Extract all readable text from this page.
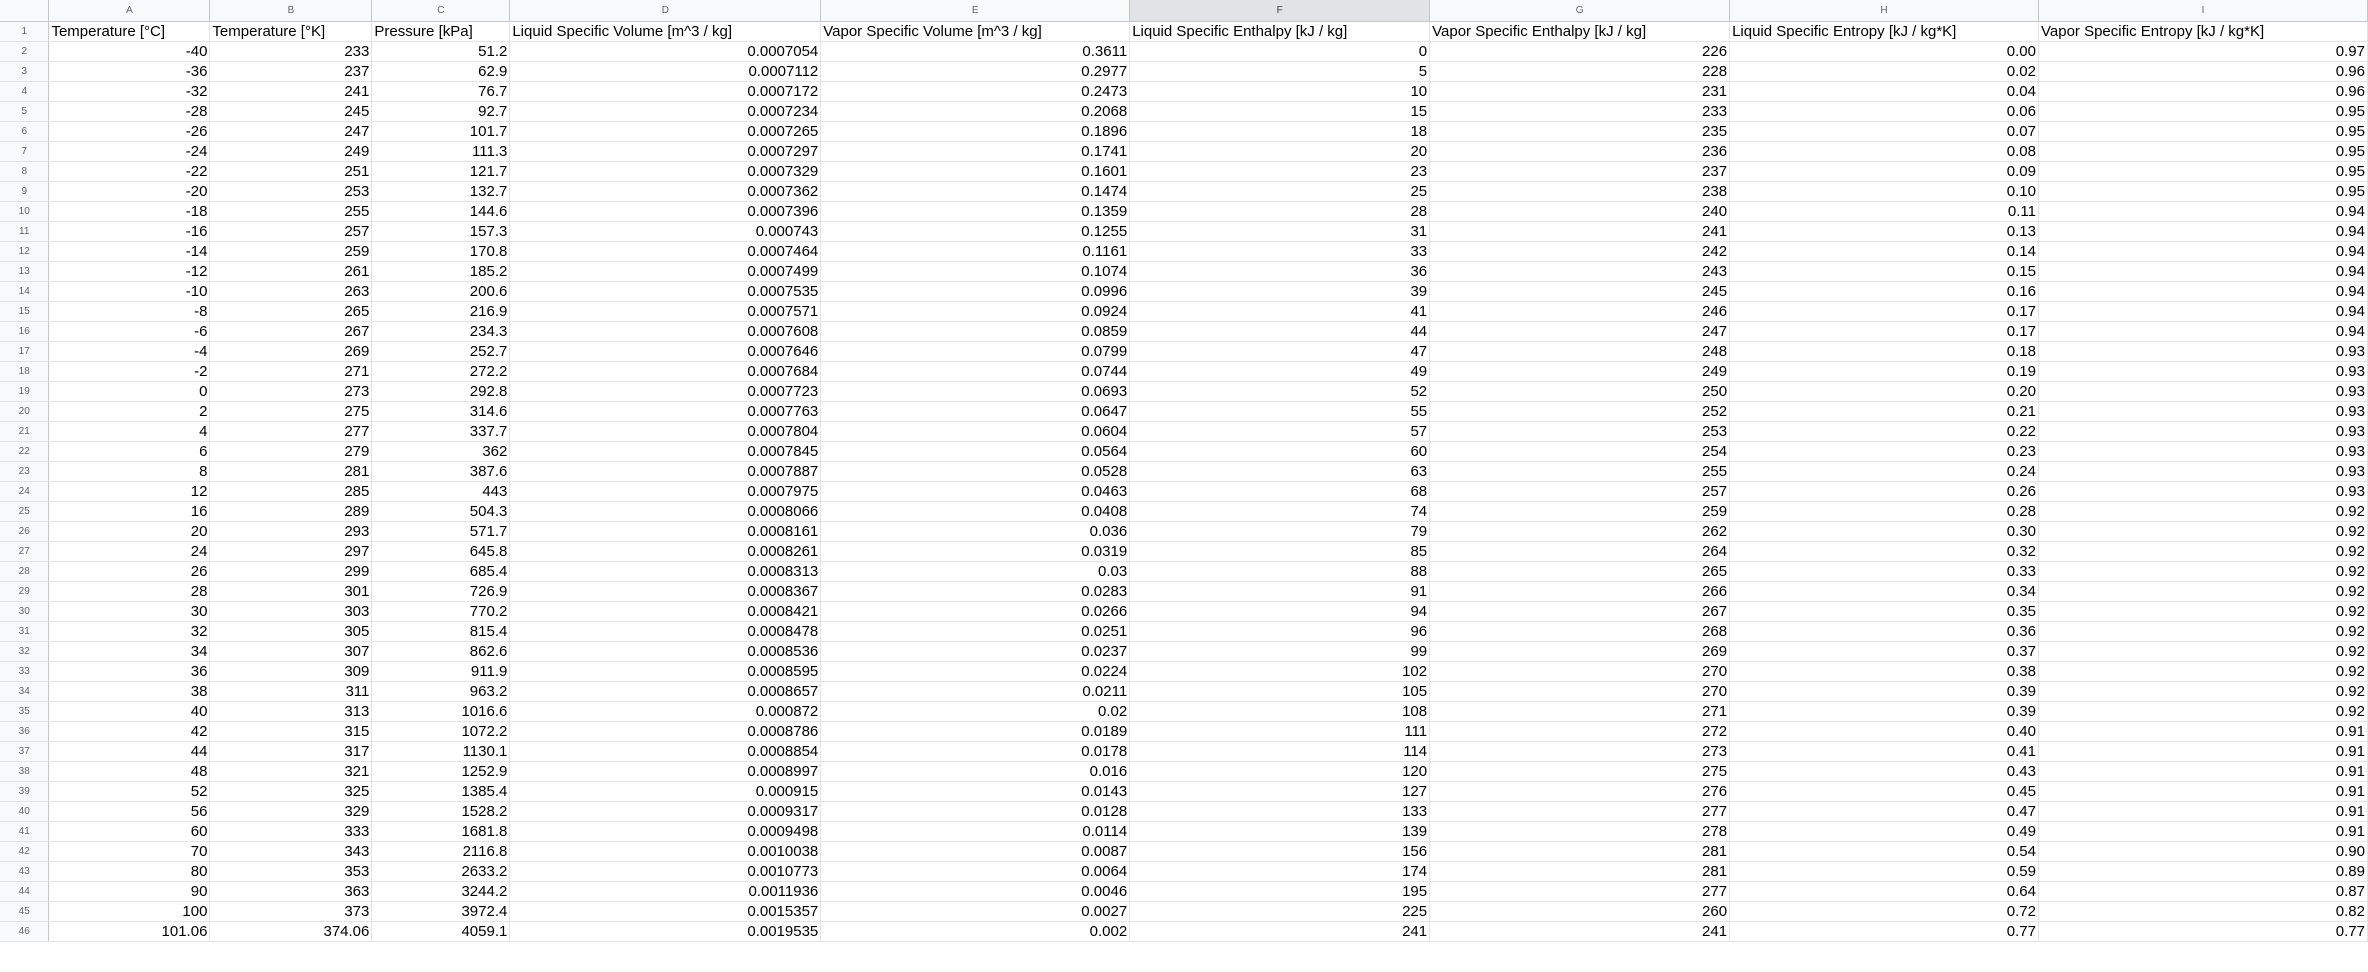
	A	B	C	D	E	F	G	H	I
1	Temperature [°C]	Temperature [°K]	Pressure [kPa]	Liquid Specific Volume [m^3 / kg]	Vapor Specific Volume [m^3 / kg]	Liquid Specific Enthalpy [kJ / kg]	Vapor Specific Enthalpy [kJ / kg]	Liquid Specific Entropy [kJ / kg*K]	Vapor Specific Entropy [kJ / kg*K]
2	-40	233	51.2	0.0007054	0.3611	0	226	0.00	0.97
3	-36	237	62.9	0.0007112	0.2977	5	228	0.02	0.96
4	-32	241	76.7	0.0007172	0.2473	10	231	0.04	0.96
5	-28	245	92.7	0.0007234	0.2068	15	233	0.06	0.95
6	-26	247	101.7	0.0007265	0.1896	18	235	0.07	0.95
7	-24	249	111.3	0.0007297	0.1741	20	236	0.08	0.95
8	-22	251	121.7	0.0007329	0.1601	23	237	0.09	0.95
9	-20	253	132.7	0.0007362	0.1474	25	238	0.10	0.95
10	-18	255	144.6	0.0007396	0.1359	28	240	0.11	0.94
11	-16	257	157.3	0.000743	0.1255	31	241	0.13	0.94
12	-14	259	170.8	0.0007464	0.1161	33	242	0.14	0.94
13	-12	261	185.2	0.0007499	0.1074	36	243	0.15	0.94
14	-10	263	200.6	0.0007535	0.0996	39	245	0.16	0.94
15	-8	265	216.9	0.0007571	0.0924	41	246	0.17	0.94
16	-6	267	234.3	0.0007608	0.0859	44	247	0.17	0.94
17	-4	269	252.7	0.0007646	0.0799	47	248	0.18	0.93
18	-2	271	272.2	0.0007684	0.0744	49	249	0.19	0.93
19	0	273	292.8	0.0007723	0.0693	52	250	0.20	0.93
20	2	275	314.6	0.0007763	0.0647	55	252	0.21	0.93
21	4	277	337.7	0.0007804	0.0604	57	253	0.22	0.93
22	6	279	362	0.0007845	0.0564	60	254	0.23	0.93
23	8	281	387.6	0.0007887	0.0528	63	255	0.24	0.93
24	12	285	443	0.0007975	0.0463	68	257	0.26	0.93
25	16	289	504.3	0.0008066	0.0408	74	259	0.28	0.92
26	20	293	571.7	0.0008161	0.036	79	262	0.30	0.92
27	24	297	645.8	0.0008261	0.0319	85	264	0.32	0.92
28	26	299	685.4	0.0008313	0.03	88	265	0.33	0.92
29	28	301	726.9	0.0008367	0.0283	91	266	0.34	0.92
30	30	303	770.2	0.0008421	0.0266	94	267	0.35	0.92
31	32	305	815.4	0.0008478	0.0251	96	268	0.36	0.92
32	34	307	862.6	0.0008536	0.0237	99	269	0.37	0.92
33	36	309	911.9	0.0008595	0.0224	102	270	0.38	0.92
34	38	311	963.2	0.0008657	0.0211	105	270	0.39	0.92
35	40	313	1016.6	0.000872	0.02	108	271	0.39	0.92
36	42	315	1072.2	0.0008786	0.0189	111	272	0.40	0.91
37	44	317	1130.1	0.0008854	0.0178	114	273	0.41	0.91
38	48	321	1252.9	0.0008997	0.016	120	275	0.43	0.91
39	52	325	1385.4	0.000915	0.0143	127	276	0.45	0.91
40	56	329	1528.2	0.0009317	0.0128	133	277	0.47	0.91
41	60	333	1681.8	0.0009498	0.0114	139	278	0.49	0.91
42	70	343	2116.8	0.0010038	0.0087	156	281	0.54	0.90
43	80	353	2633.2	0.0010773	0.0064	174	281	0.59	0.89
44	90	363	3244.2	0.0011936	0.0046	195	277	0.64	0.87
45	100	373	3972.4	0.0015357	0.0027	225	260	0.72	0.82
46	101.06	374.06	4059.1	0.0019535	0.002	241	241	0.77	0.77
